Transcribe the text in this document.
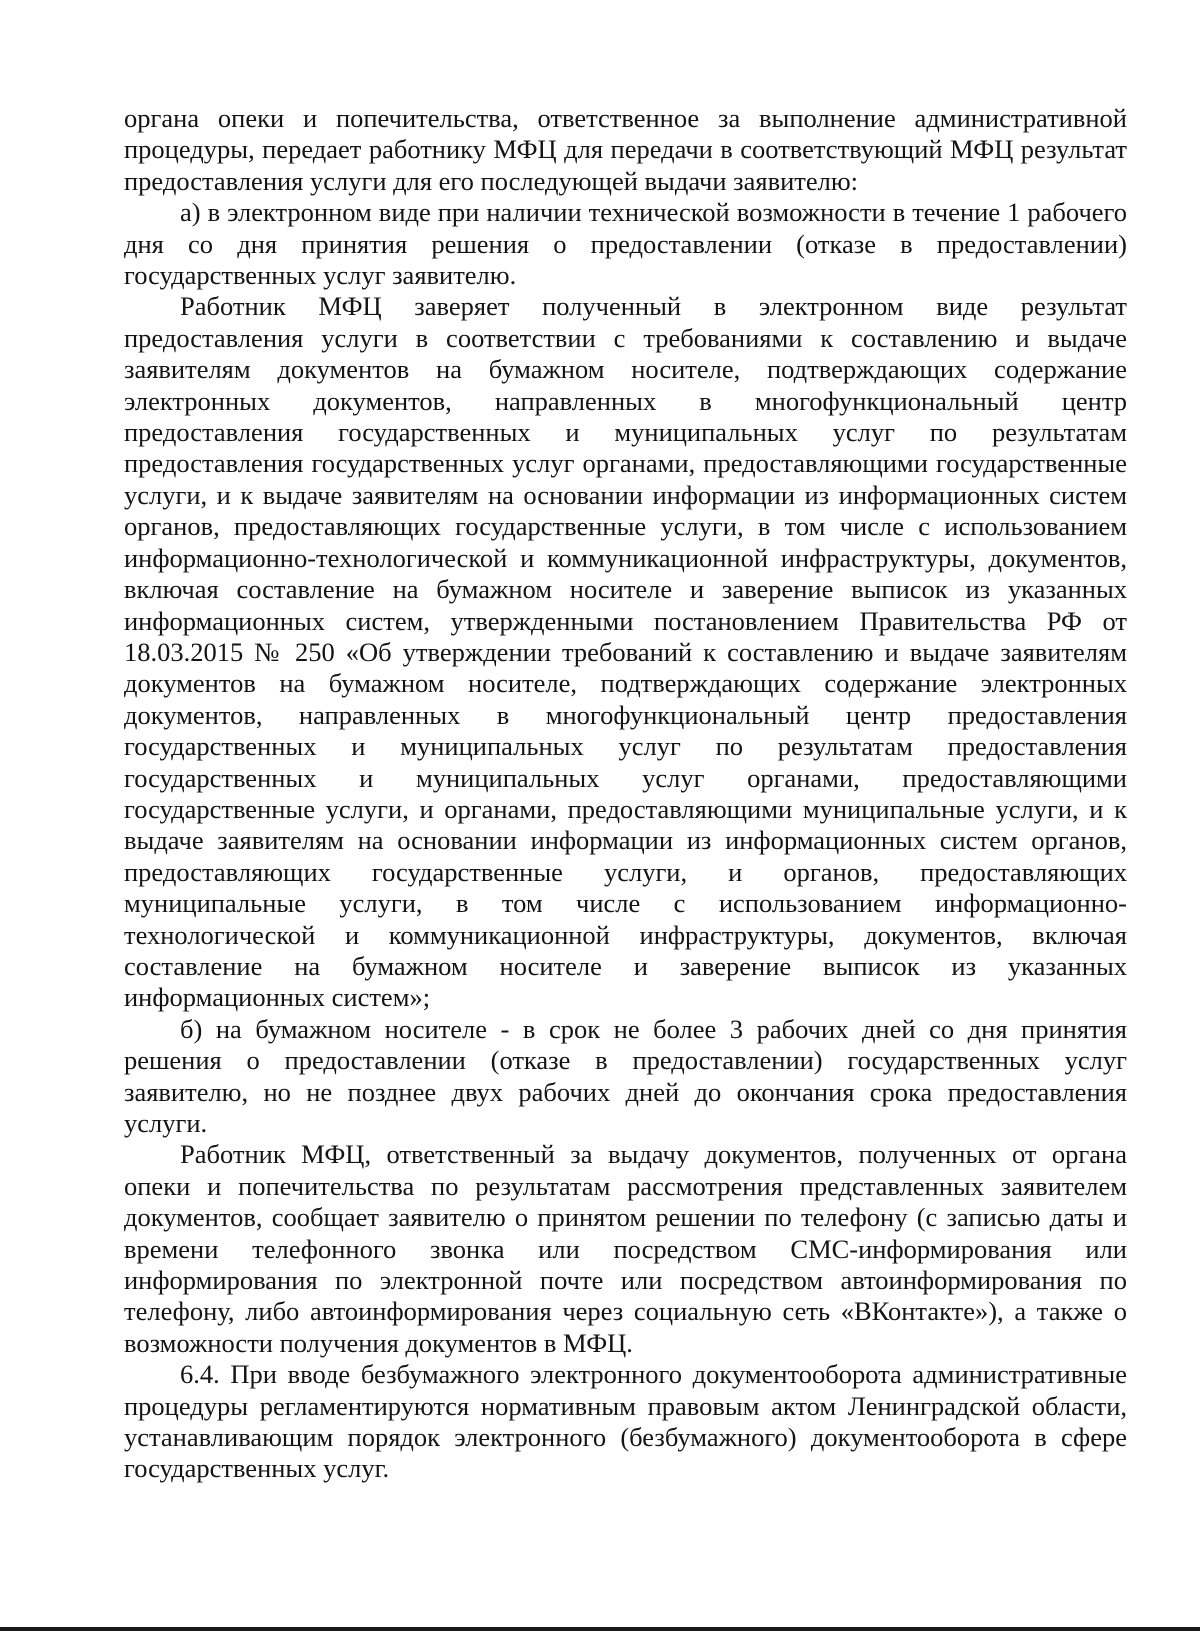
органа опеки и попечительства, ответственное за выполнение административной процедуры, передает работнику МФЦ для передачи в соответствующий МФЦ результат предоставления услуги для его последующей выдачи заявителю:

а) в электронном виде при наличии технической возможности в течение 1 рабочего дня со дня принятия решения о предоставлении (отказе в предоставлении) государственных услуг заявителю.

Работник МФЦ заверяет полученный в электронном виде результат предоставления услуги в соответствии с требованиями к составлению и выдаче заявителям документов на бумажном носителе, подтверждающих содержание электронных документов, направленных в многофункциональный центр предоставления государственных и муниципальных услуг по результатам предоставления государственных услуг органами, предоставляющими государственные услуги, и к выдаче заявителям на основании информации из информационных систем органов, предоставляющих государственные услуги, в том числе с использованием информационно-технологической и коммуникационной инфраструктуры, документов, включая составление на бумажном носителе и заверение выписок из указанных информационных систем, утвержденными постановлением Правительства РФ от 18.03.2015 № 250 «Об утверждении требований к составлению и выдаче заявителям документов на бумажном носителе, подтверждающих содержание электронных документов, направленных в многофункциональный центр предоставления государственных и муниципальных услуг по результатам предоставления государственных и муниципальных услуг органами, предоставляющими государственные услуги, и органами, предоставляющими муниципальные услуги, и к выдаче заявителям на основании информации из информационных систем органов, предоставляющих государственные услуги, и органов, предоставляющих муниципальные услуги, в том числе с использованием информационно-технологической и коммуникационной инфраструктуры, документов, включая составление на бумажном носителе и заверение выписок из указанных информационных систем»;

б) на бумажном носителе - в срок не более 3 рабочих дней со дня принятия решения о предоставлении (отказе в предоставлении) государственных услуг заявителю, но не позднее двух рабочих дней до окончания срока предоставления услуги.

Работник МФЦ, ответственный за выдачу документов, полученных от органа опеки и попечительства по результатам рассмотрения представленных заявителем документов, сообщает заявителю о принятом решении по телефону (с записью даты и времени телефонного звонка или посредством СМС-информирования или информирования по электронной почте или посредством автоинформирования по телефону, либо автоинформирования через социальную сеть «ВКонтакте»), а также о возможности получения документов в МФЦ.

6.4. При вводе безбумажного электронного документооборота административные процедуры регламентируются нормативным правовым актом Ленинградской области, устанавливающим порядок электронного (безбумажного) документооборота в сфере государственных услуг.
